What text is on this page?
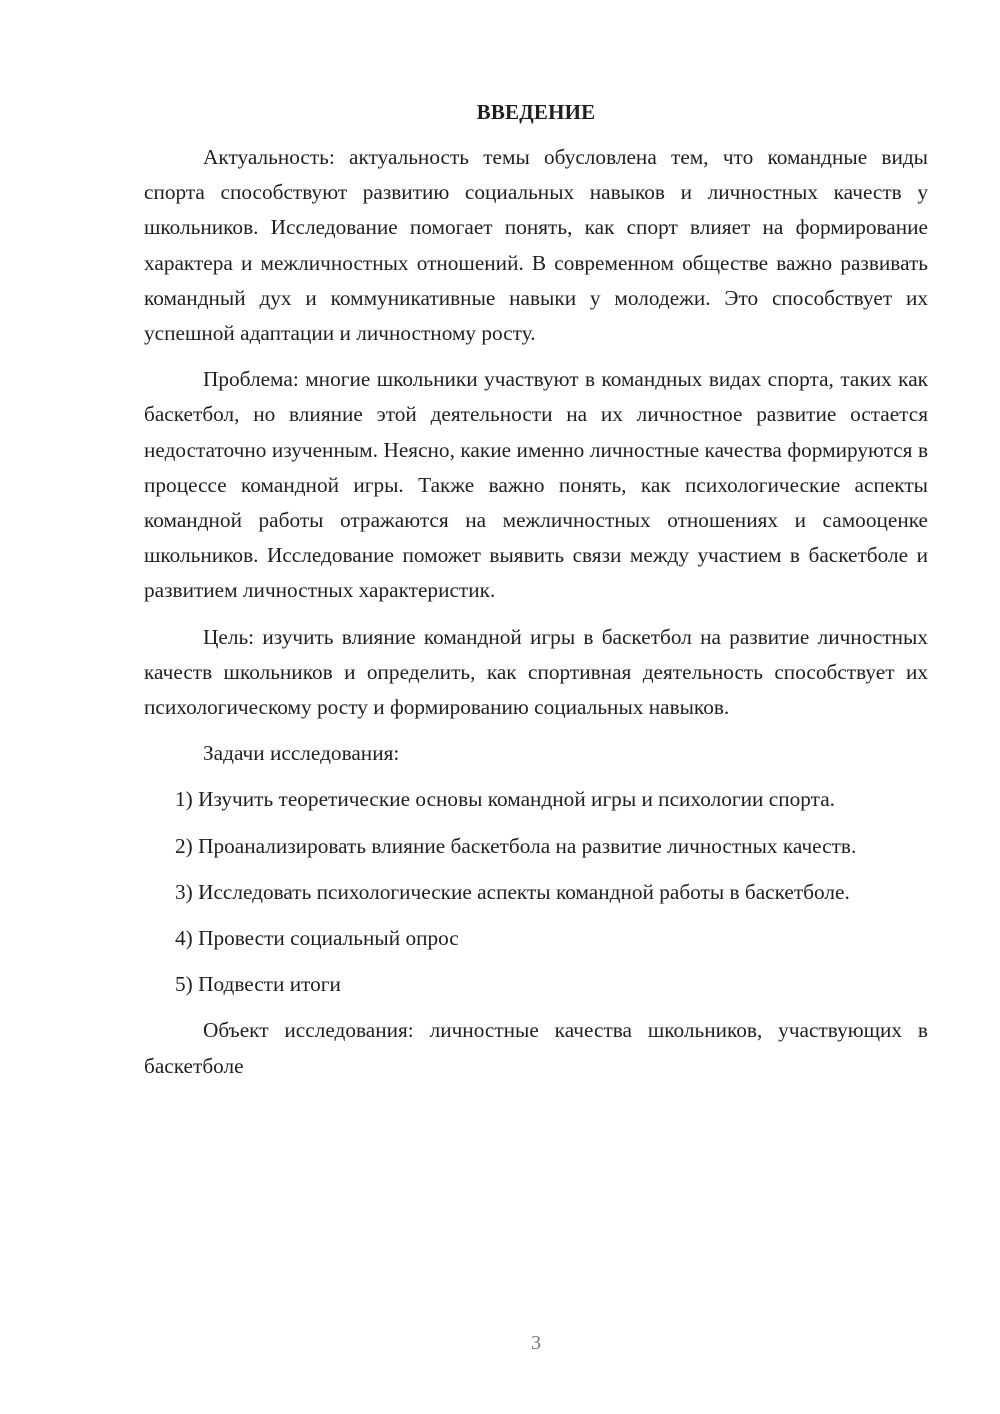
ВВЕДЕНИЕ

Актуальность: актуальность темы обусловлена тем, что командные виды спорта способствуют развитию социальных навыков и личностных качеств у школьников. Исследование помогает понять, как спорт влияет на формирование характера и межличностных отношений. В современном обществе важно развивать командный дух и коммуникативные навыки у молодежи. Это способствует их успешной адаптации и личностному росту.

Проблема: многие школьники участвуют в командных видах спорта, таких как баскетбол, но влияние этой деятельности на их личностное развитие остается недостаточно изученным. Неясно, какие именно личностные качества формируются в процессе командной игры. Также важно понять, как психологические аспекты командной работы отражаются на межличностных отношениях и самооценке школьников. Исследование поможет выявить связи между участием в баскетболе и развитием личностных характеристик.

Цель: изучить влияние командной игры в баскетбол на развитие личностных качеств школьников и определить, как спортивная деятельность способствует их психологическому росту и формированию социальных навыков.

Задачи исследования:

1) Изучить теоретические основы командной игры и психологии спорта.

2) Проанализировать влияние баскетбола на развитие личностных качеств.

3) Исследовать психологические аспекты командной работы в баскетболе.

4) Провести социальный опрос

5) Подвести итоги

Объект исследования: личностные качества школьников, участвующих в баскетболе

3
